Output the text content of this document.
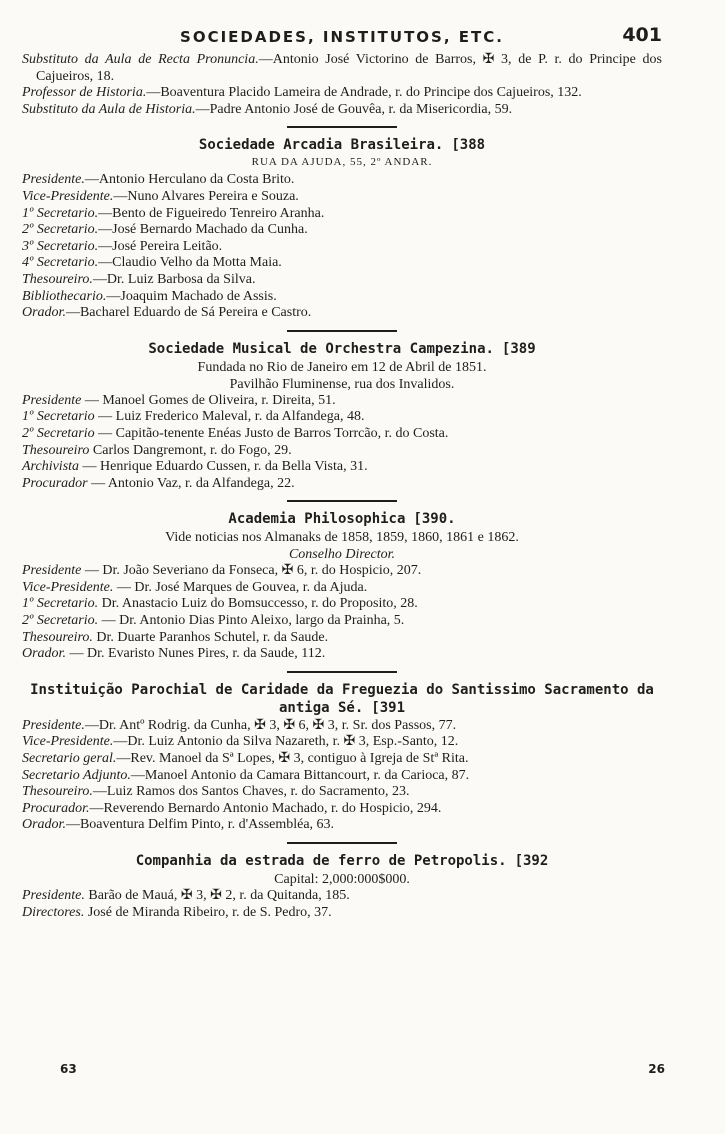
SOCIEDADES, INSTITUTOS, ETC.	401

Substituto da Aula de Recta Pronuncia.—Antonio José Victorino de Barros, ✠ 3, de P. r. do Principe dos Cajueiros, 18.

Professor de Historia.—Boaventura Placido Lameira de Andrade, r. do Principe dos Cajueiros, 132.

Substituto da Aula de Historia.—Padre Antonio José de Gouvêa, r. da Misericordia, 59.

Sociedade Arcadia Brasileira. [388

RUA DA AJUDA, 55, 2º ANDAR.

Presidente.—Antonio Herculano da Costa Brito.

Vice-Presidente.—Nuno Alvares Pereira e Souza.

1º Secretario.—Bento de Figueiredo Tenreiro Aranha.

2º Secretario.—José Bernardo Machado da Cunha.

3º Secretario.—José Pereira Leitão.

4º Secretario.—Claudio Velho da Motta Maia.

Thesoureiro.—Dr. Luiz Barbosa da Silva.

Bibliothecario.—Joaquim Machado de Assis.

Orador.—Bacharel Eduardo de Sá Pereira e Castro.

Sociedade Musical de Orchestra Campezina. [389

Fundada no Rio de Janeiro em 12 de Abril de 1851.

Pavilhão Fluminense, rua dos Invalidos.

Presidente — Manoel Gomes de Oliveira, r. Direita, 51.

1º Secretario — Luiz Frederico Maleval, r. da Alfandega, 48.

2º Secretario — Capitão-tenente Enéas Justo de Barros Torrcão, r. do Costa.

Thesoureiro Carlos Dangremont, r. do Fogo, 29.

Archivista — Henrique Eduardo Cussen, r. da Bella Vista, 31.

Procurador — Antonio Vaz, r. da Alfandega, 22.

Academia Philosophica [390.

Vide noticias nos Almanaks de 1858, 1859, 1860, 1861 e 1862.

Conselho Director.

Presidente — Dr. João Severiano da Fonseca, ✠ 6, r. do Hospicio, 207.

Vice-Presidente. — Dr. José Marques de Gouvea, r. da Ajuda.

1º Secretario. Dr. Anastacio Luiz do Bomsuccesso, r. do Proposito, 28.

2º Secretario. — Dr. Antonio Dias Pinto Aleixo, largo da Prainha, 5.

Thesoureiro. Dr. Duarte Paranhos Schutel, r. da Saude.

Orador. — Dr. Evaristo Nunes Pires, r. da Saude, 112.

Instituição Parochial de Caridade da Freguezia do Santissimo Sacramento da antiga Sé. [391

Presidente.—Dr. Antº Rodrig. da Cunha, ✠ 3, ✠ 6, ✠ 3, r. Sr. dos Passos, 77.

Vice-Presidente.—Dr. Luiz Antonio da Silva Nazareth, r. ✠ 3, Esp.-Santo, 12.

Secretario geral.—Rev. Manoel da Sª Lopes, ✠ 3, contiguo à Igreja de Stª Rita.

Secretario Adjunto.—Manoel Antonio da Camara Bittancourt, r. da Carioca, 87.

Thesoureiro.—Luiz Ramos dos Santos Chaves, r. do Sacramento, 23.

Procurador.—Reverendo Bernardo Antonio Machado, r. do Hospicio, 294.

Orador.—Boaventura Delfim Pinto, r. d'Assembléa, 63.

Companhia da estrada de ferro de Petropolis. [392

Capital: 2,000:000$000.

Presidente. Barão de Mauá, ✠ 3, ✠ 2, r. da Quitanda, 185.

Directores. José de Miranda Ribeiro, r. de S. Pedro, 37.

63	26
